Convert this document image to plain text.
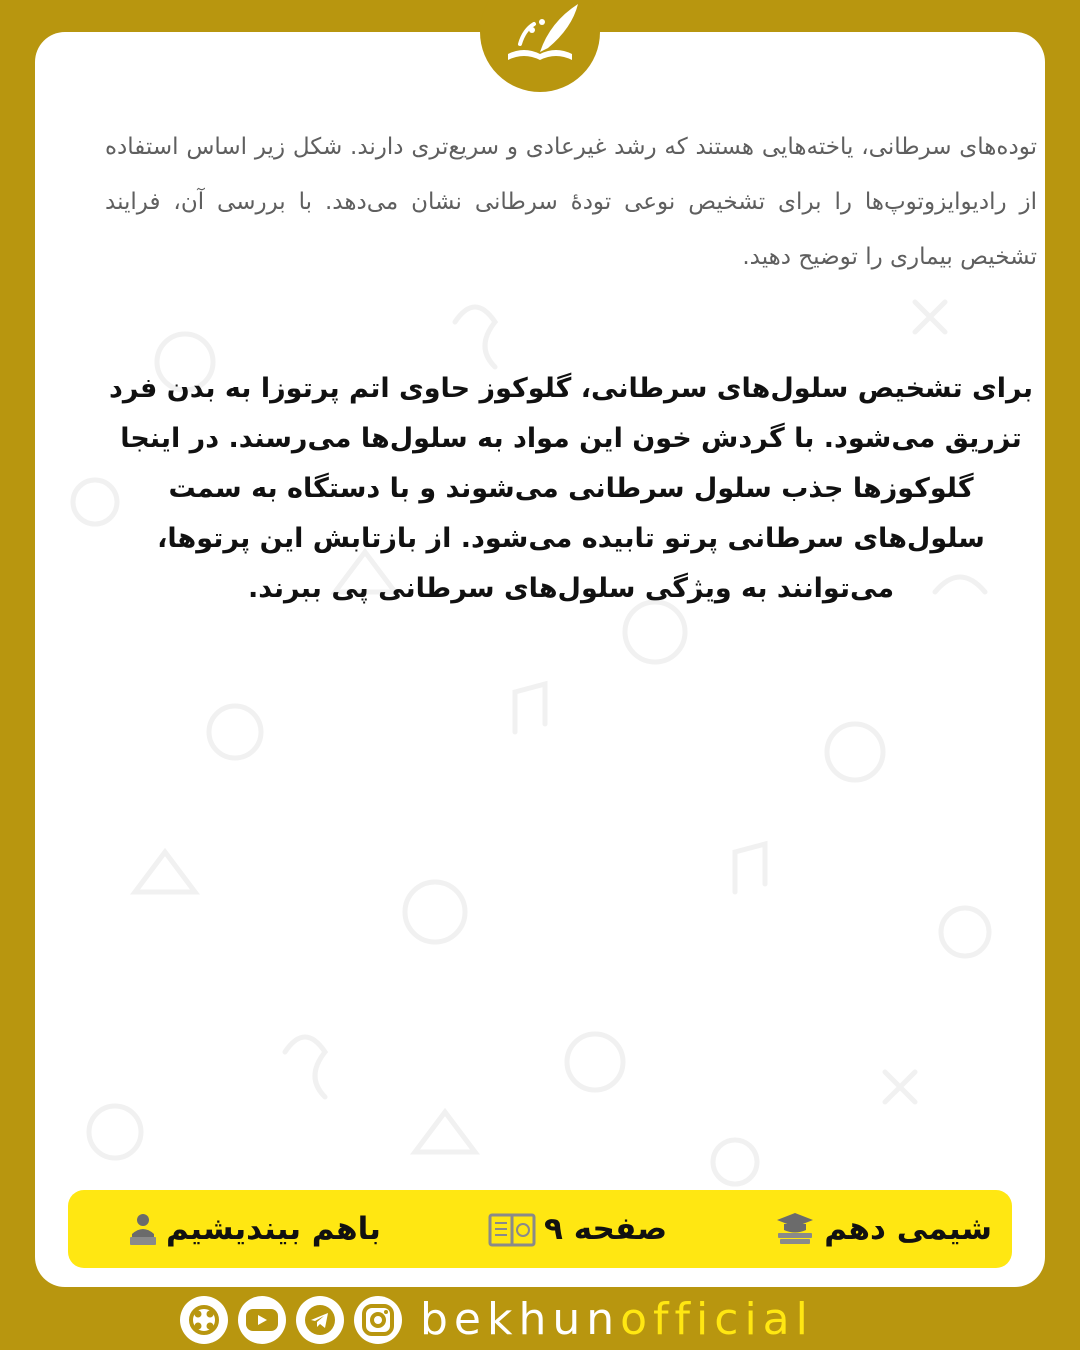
توده‌های سرطانی، یاخته‌هایی هستند که رشد غیرعادی و سریع‌تری دارند. شکل زیر اساس استفاده از رادیوایزوتوپ‌ها را برای تشخیص نوعی تودهٔ سرطانی نشان می‌دهد. با بررسی آن، فرایند تشخیص بیماری را توضیح دهید.

برای تشخیص سلول‌های سرطانی، گلوکوز حاوی اتم پرتوزا به بدن فرد تزریق می‌شود. با گردش خون این مواد به سلول‌ها می‌رسند. در اینجا گلوکوزها جذب سلول سرطانی می‌شوند و با دستگاه به سمت سلول‌های سرطانی پرتو تابیده می‌شود. از بازتابش این پرتوها، می‌توانند به ویژگی سلول‌های سرطانی پی ببرند.

باهم بیندیشیم	صفحه ۹	شیمی دهم
bekhunofficial
